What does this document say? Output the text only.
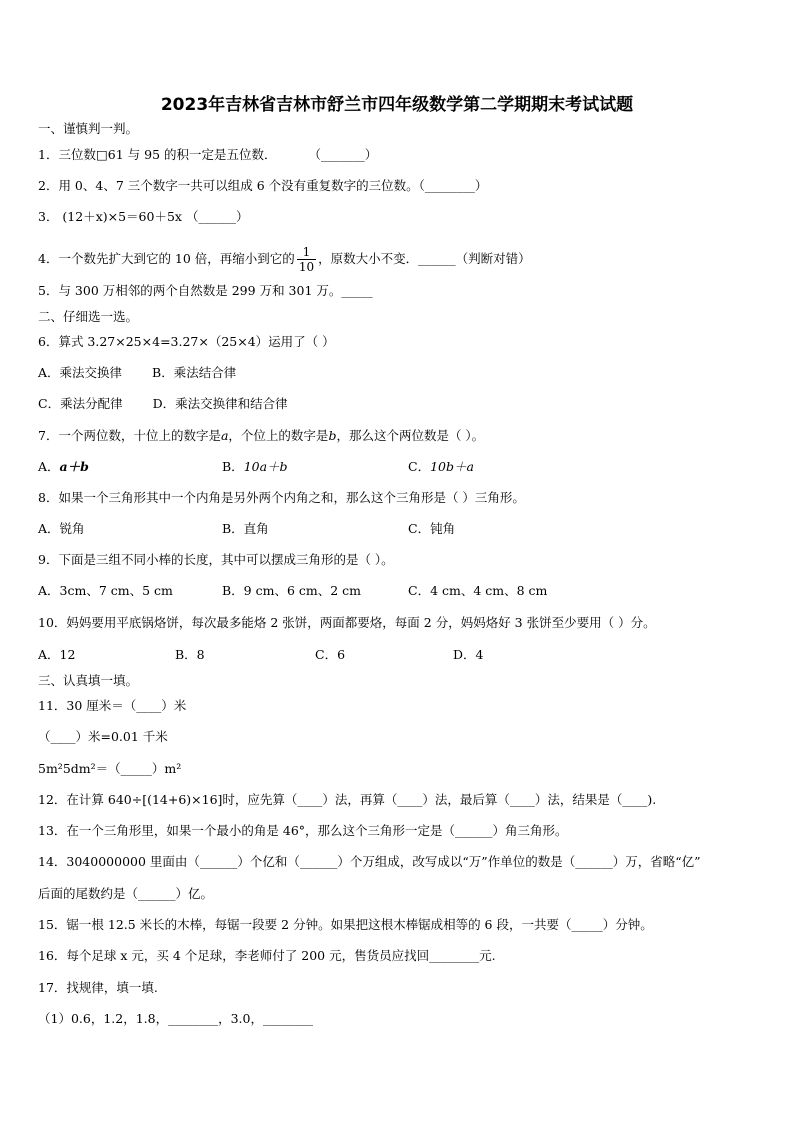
2023年吉林省吉林市舒兰市四年级数学第二学期期末考试试题
一、谨慎判一判。
1．三位数□61 与 95 的积一定是五位数．	（_______）
2．用 0、4、7 三个数字一共可以组成 6 个没有重复数字的三位数。（________）
3． (12＋x)×5＝60＋5x （______）
4．一个数先扩大到它的 10 倍，再缩小到它的 $\frac{1}{10}$ ，原数大小不变．______（判断对错）
5．与 300 万相邻的两个自然数是 299 万和 301 万。_____
二、仔细选一选。
6．算式 3.27×25×4=3.27×（25×4）运用了（ ）
A．乘法交换律 B．乘法结合律
C．乘法分配律 D．乘法交换律和结合律
7．一个两位数，十位上的数字是a，个位上的数字是b，那么这个两位数是（ ）。
A．a＋b	B．10a＋b	C．10b＋a
8．如果一个三角形其中一个内角是另外两个内角之和，那么这个三角形是（ ）三角形。
A．锐角	B．直角	C．钝角
9．下面是三组不同小棒的长度，其中可以摆成三角形的是（ ）。
A．3cm、7 cm、5 cm	B．9 cm、6 cm、2 cm	C．4 cm、4 cm、8 cm
10．妈妈要用平底锅烙饼，每次最多能烙 2 张饼，两面都要烙，每面 2 分，妈妈烙好 3 张饼至少要用（ ）分。
A．12	B．8	C．6	D．4
三、认真填一填。
11．30 厘米＝（____）米
（____）米=0.01 千米
5m²5dm²＝（_____）m²
12．在计算 640÷[(14+6)×16]时，应先算（____）法，再算（____）法，最后算（____）法，结果是（____).
13．在一个三角形里，如果一个最小的角是 46°，那么这个三角形一定是（______）角三角形。
14．3040000000 里面由（______）个亿和（______）个万组成，改写成以“万”作单位的数是（______）万，省略“亿”
后面的尾数约是（______）亿。
15．锯一根 12.5 米长的木棒，每锯一段要 2 分钟。如果把这根木棒锯成相等的 6 段，一共要（_____）分钟。
16．每个足球 x 元，买 4 个足球，李老师付了 200 元，售货员应找回________元.
17．找规律，填一填.
（1）0.6，1.2，1.8，________，3.0，________
